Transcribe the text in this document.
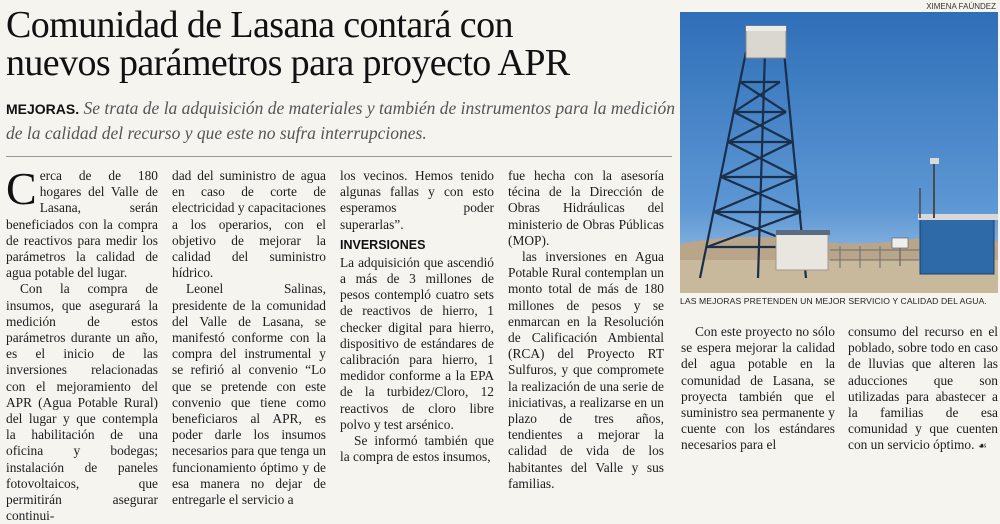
Comunidad de Lasana contará con
nuevos parámetros para proyecto APR
MEJORAS. Se trata de la adquisición de materiales y también de instrumentos para la medición de la calidad del recurso y que este no sufra interrupciones.

Cerca de de 180 hogares del Valle de Lasana, serán beneficiados con la compra de reactivos para medir los parámetros la calidad de agua potable del lugar.

Con la compra de insumos, que asegurará la medición de estos parámetros durante un año, es el inicio de las inversiones relacionadas con el mejoramiento del APR (Agua Potable Rural) del lugar y que contempla la habilitación de una oficina y bodegas; instalación de paneles fotovoltaicos, que permitirán asegurar continui-

dad del suministro de agua en caso de corte de electricidad y capacitaciones a los operarios, con el objetivo de mejorar la calidad del suministro hídrico.

Leonel Salinas, presidente de la comunidad del Valle de Lasana, se manifestó conforme con la compra del instrumental y se refirió al convenio “Lo que se pretende con este convenio que tiene como beneficiaros al APR, es poder darle los insumos necesarios para que tenga un funcionamiento óptimo y de esa manera no dejar de entregarle el servicio a

los vecinos. Hemos tenido algunas fallas y con esto esperamos poder superarlas”.

INVERSIONES

La adquisición que ascendió a más de 3 millones de pesos contempló cuatro sets de reactivos de hierro, 1 checker digital para hierro, dispositivo de estándares de calibración para hierro, 1 medidor conforme a la EPA de la turbidez/Cloro, 12 reactivos de cloro libre polvo y test arsénico.

Se informó también que la compra de estos insumos,

fue hecha con la asesoría técina de la Dirección de Obras Hidráulicas del ministerio de Obras Públicas (MOP).

las inversiones en Agua Potable Rural contemplan un monto total de más de 180 millones de pesos y se enmarcan en la Resolución de Calificación Ambiental (RCA) del Proyecto RT Sulfuros, y que compromete la realización de una serie de iniciativas, a realizarse en un plazo de tres años, tendientes a mejorar la calidad de vida de los habitantes del Valle y sus familias.

XIMENA FAÚNDEZ
LAS MEJORAS PRETENDEN UN MEJOR SERVICIO Y CALIDAD DEL AGUA.

Con este proyecto no sólo se espera mejorar la calidad del agua potable en la comunidad de Lasana, se proyecta también que el suministro sea permanente y cuente con los estándares necesarios para el

consumo del recurso en el poblado, sobre todo en caso de lluvias que alteren las aducciones que son utilizadas para abastecer a la familias de esa comunidad y que cuenten con un servicio óptimo. ☙
